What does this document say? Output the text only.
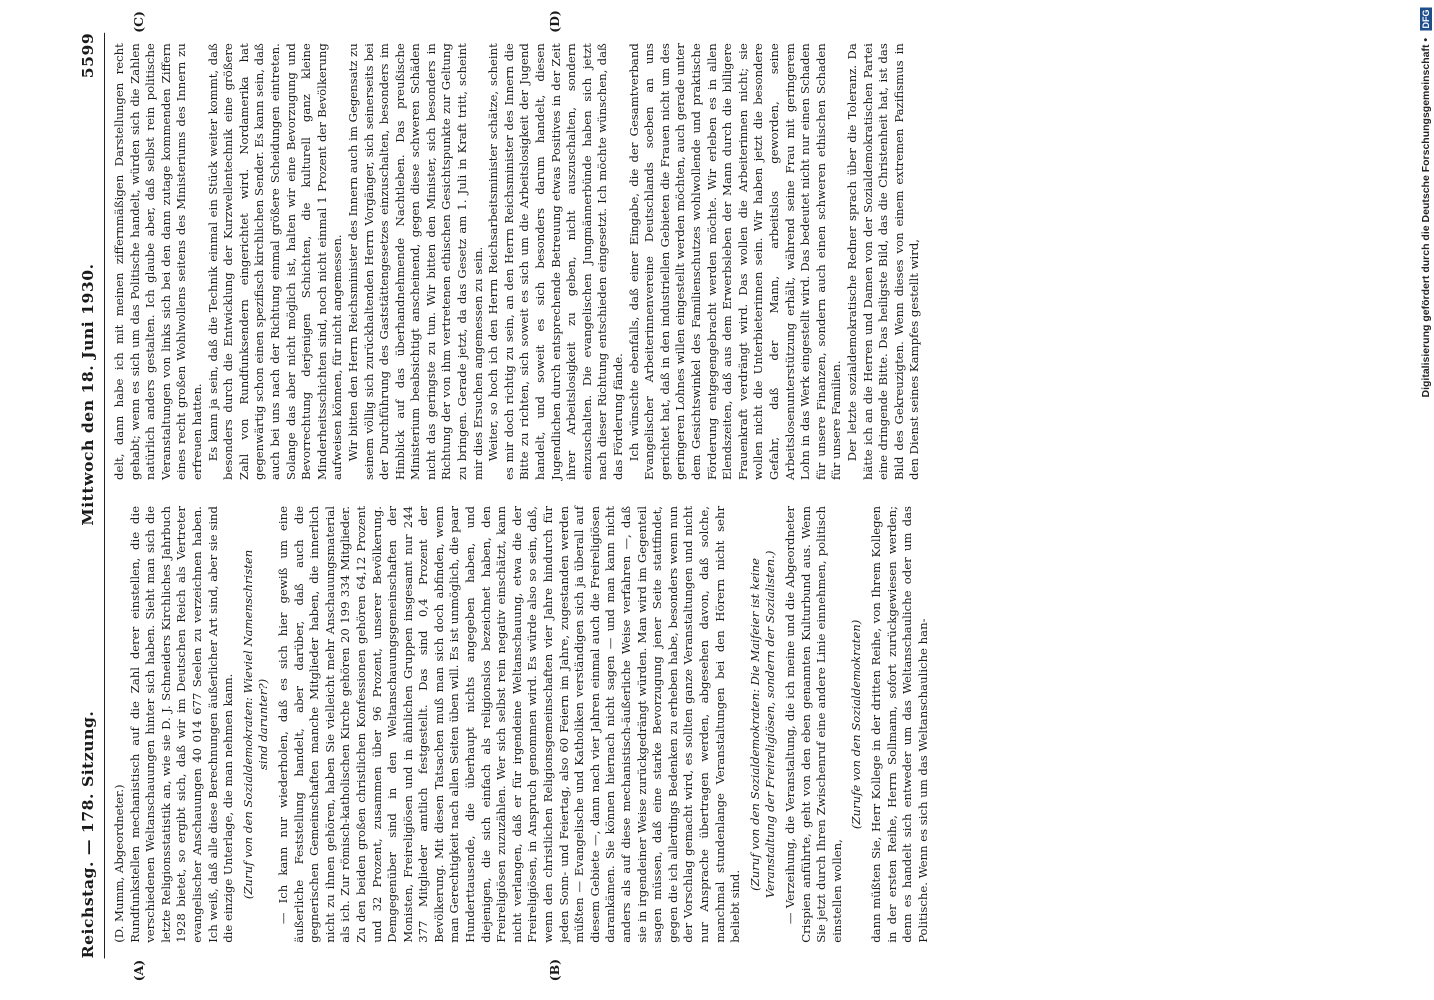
Digitalisierung gefördert durch die Deutsche Forschungsgemeinschaft • DFG
Reichstag. — 178. Sitzung.
Mittwoch den 18. Juni 1930.
5599
(A)	(B)
(C)	(D)

(D. Mumm, Abgeordneter.) Rundfunkstellen mechanistisch auf die Zahl derer einstellen, die die verschiedenen Weltanschauungen hinter sich haben. Sieht man sich die letzte Religionsstatistik an, wie sie D. J. Schneiders Kirchliches Jahrbuch 1928 bietet, so ergibt sich, daß wir im Deutschen Reich als Vertreter evangelischer Anschauungen 40 014 677 Seelen zu verzeichnen haben. Ich weiß, daß alle diese Berechnungen äußerlicher Art sind, aber sie sind die einzige Unterlage, die man nehmen kann. (Zuruf von den Sozialdemokraten: Wieviel Namenschristen sind darunter?) — Ich kann nur wiederholen, daß es sich hier gewiß um eine äußerliche Feststellung handelt, aber darüber, daß auch die gegnerischen Gemeinschaften manche Mitglieder haben, die innerlich nicht zu ihnen gehören, haben Sie vielleicht mehr Anschauungsmaterial als ich. Zur römisch-katholischen Kirche gehören 20 199 334 Mitglieder. Zu den beiden großen christlichen Konfessionen gehören 64,12 Prozent und 32 Prozent, zusammen über 96 Prozent, unserer Bevölkerung. Demgegenüber sind in den Weltanschauungsgemeinschaften der Monisten, Freireligiösen und in ähnlichen Gruppen insgesamt nur 244 377 Mitglieder amtlich festgestellt. Das sind 0,4 Prozent der Bevölkerung. Mit diesen Tatsachen muß man sich doch abfinden, wenn man Gerechtigkeit nach allen Seiten üben will. Es ist unmöglich, die paar Hunderttausende, die überhaupt nichts angegeben haben, und diejenigen, die sich einfach als religionslos bezeichnet haben, den Freireligiösen zuzuzählen. Wer sich selbst rein negativ einschätzt, kann nicht verlangen, daß er für irgendeine Weltanschauung, etwa die der Freireligiösen, in Anspruch genommen wird. Es würde also so sein, daß, wenn den christlichen Religionsgemeinschaften vier Jahre hindurch für jeden Sonn- und Feiertag, also 60 Feiern im Jahre, zugestanden werden müßten — Evangelische und Katholiken verständigen sich ja überall auf diesem Gebiete —, dann nach vier Jahren einmal auch die Freireligiösen darankämen. Sie können hiernach nicht sagen — und man kann nicht anders als auf diese mechanistisch-äußerliche Weise verfahren —, daß sie in irgendeiner Weise zurückgedrängt würden. Man wird im Gegenteil sagen müssen, daß eine starke Bevorzugung jener Seite stattfindet, gegen die ich allerdings Bedenken zu erheben habe, besonders wenn nun der Vorschlag gemacht wird, es sollten ganze Veranstaltungen und nicht nur Ansprache übertragen werden, abgesehen davon, daß solche, manchmal stundenlange Veranstaltungen bei den Hörern nicht sehr beliebt sind.

(Zuruf von den Sozialdemokraten: Die Maifeier ist keine Veranstaltung der Freireligiösen, sondern der Sozialisten.) — Verzeihung, die Veranstaltung, die ich meine und die Abgeordneter Crispien anführte, geht von den eben genannten Kulturbund aus. Wenn Sie jetzt durch Ihren Zwischenruf eine andere Linie einnehmen, politisch einstellen wollen,

(Zurufe von den Sozialdemokraten) dann müßten Sie, Herr Kollege in der dritten Reihe, von Ihrem Kollegen in der ersten Reihe, Herrn Sollmann, sofort zurückgewiesen werden; denn es handelt sich entweder um das Weltanschauliche oder um das Politische. Wenn es sich um das Weltanschauliche han-

delt, dann habe ich mit meinen ziffernmäßigen Darstellungen recht gehabt; wenn es sich um das Politische handelt, würden sich die Zahlen natürlich anders gestalten. Ich glaube aber, daß selbst rein politische Veranstaltungen von links sich bei den dann zutage kommenden Ziffern eines recht großen Wohlwollens seitens des Ministeriums des Innern zu erfreuen hatten. Es kann ja sein, daß die Technik einmal ein Stück weiter kommt, daß besonders durch die Entwicklung der Kurzwellentechnik eine größere Zahl von Rundfunksendern eingerichtet wird. Nordamerika hat gegenwärtig schon einen spezifisch kirchlichen Sender. Es kann sein, daß auch bei uns nach der Richtung einmal größere Scheidungen eintreten. Solange das aber nicht möglich ist, halten wir eine Bevorzugung und Bevorrechtung derjenigen Schichten, die kulturell ganz kleine Minderheitsschichten sind, noch nicht einmal 1 Prozent der Bevölkerung aufweisen können, für nicht angemessen. Wir bitten den Herrn Reichsminister des Innern auch im Gegensatz zu seinem völlig sich zurückhaltenden Herrn Vorgänger, sich seinerseits bei der Durchführung des Gaststättengesetzes einzuschalten, besonders im Hinblick auf das überhandnehmende Nachtleben. Das preußische Ministerium beabsichtigt anscheinend, gegen diese schweren Schäden nicht das geringste zu tun. Wir bitten den Minister, sich besonders in Richtung der von ihm vertretenen ethischen Gesichtspunkte zur Geltung zu bringen. Gerade jetzt, da das Gesetz am 1. Juli in Kraft tritt, scheint mir dies Ersuchen angemessen zu sein. Weiter, so hoch ich den Herrn Reichsarbeitsminister schätze, scheint es mir doch richtig zu sein, an den Herrn Reichsminister des Innern die Bitte zu richten, sich soweit es sich um die Arbeitslosigkeit der Jugend handelt, und soweit es sich besonders darum handelt, diesen Jugendlichen durch entsprechende Betreuung etwas Positives in der Zeit ihrer Arbeitslosigkeit zu geben, nicht auszuschalten, sondern einzuschalten. Die evangelischen Jungmännerbünde haben sich jetzt nach dieser Richtung entschieden eingesetzt. Ich möchte wünschen, daß das Förderung fände. Ich wünschte ebenfalls, daß einer Eingabe, die der Gesamtverband Evangelischer Arbeiterinnenvereine Deutschlands soeben an uns gerichtet hat, daß in den industriellen Gebieten die Frauen nicht um des geringeren Lohnes willen eingestellt werden möchten, auch gerade unter dem Gesichtswinkel des Familienschutzes wohlwollende und praktische Förderung entgegengebracht werden möchte. Wir erleben es in allen Elendszeiten, daß aus dem Erwerbsleben der Mann durch die billigere Frauenkraft verdrängt wird. Das wollen die Arbeiterinnen nicht; sie wollen nicht die Unterbieterinnen sein. Wir haben jetzt die besondere Gefahr, daß der Mann, arbeitslos geworden, seine Arbeitslosenunterstützung erhält, während seine Frau mit geringerem Lohn in das Werk eingestellt wird. Das bedeutet nicht nur einen Schaden für unsere Finanzen, sondern auch einen schweren ethischen Schaden für unsere Familien. Der letzte sozialdemokratische Redner sprach über die Toleranz. Da hätte ich an die Herren und Damen von der Sozialdemokratischen Partei eine dringende Bitte. Das heiligste Bild, das die Christenheit hat, ist das Bild des Gekreuzigten. Wenn dieses von einem extremen Pazifismus in den Dienst seines Kampfes gestellt wird,
